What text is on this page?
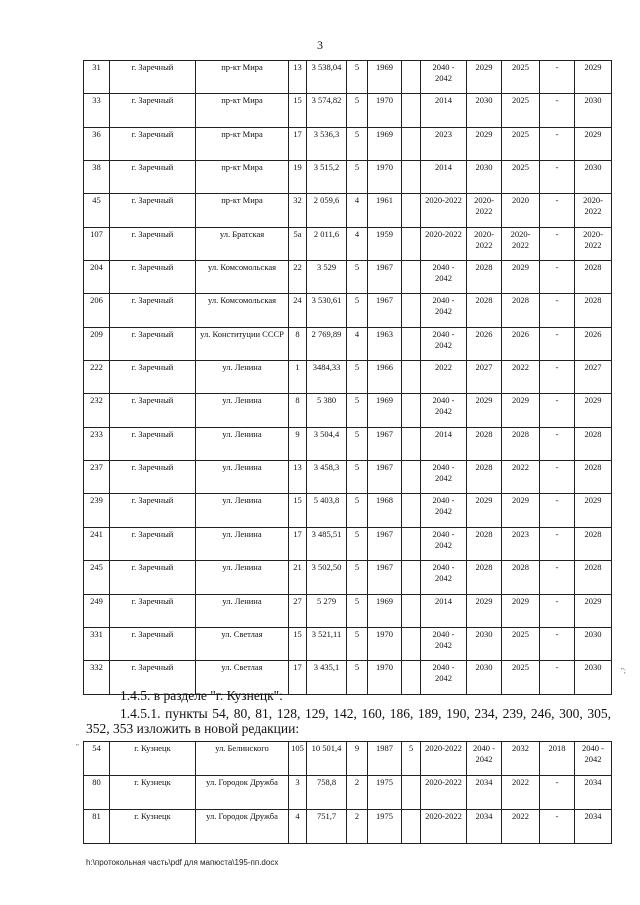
3
31	г. Заречный	пр-кт Мира	13	3 538,04	5	1969		2040 - 2042	2029	2025	-	2029
33	г. Заречный	пр-кт Мира	15	3 574,82	5	1970		2014	2030	2025	-	2030
36	г. Заречный	пр-кт Мира	17	3 536,3	5	1969		2023	2029	2025	-	2029
38	г. Заречный	пр-кт Мира	19	3 515,2	5	1970		2014	2030	2025	-	2030
45	г. Заречный	пр-кт Мира	32	2 059,6	4	1961		2020-2022	2020-2022	2020	-	2020-2022
107	г. Заречный	ул. Братская	5а	2 011,6	4	1959		2020-2022	2020-2022	2020-2022	-	2020-2022
204	г. Заречный	ул. Комсомольская	22	3 529	5	1967		2040 - 2042	2028	2029	-	2028
206	г. Заречный	ул. Комсомольская	24	3 530,61	5	1967		2040 - 2042	2028	2028	-	2028
209	г. Заречный	ул. Конституции СССР	8	2 769,89	4	1963		2040 - 2042	2026	2026	-	2026
222	г. Заречный	ул. Ленина	1	3484,33	5	1966		2022	2027	2022	-	2027
232	г. Заречный	ул. Ленина	8	5 380	5	1969		2040 - 2042	2029	2029	-	2029
233	г. Заречный	ул. Ленина	9	3 504,4	5	1967		2014	2028	2028	-	2028
237	г. Заречный	ул. Ленина	13	3 458,3	5	1967		2040 - 2042	2028	2022	-	2028
239	г. Заречный	ул. Ленина	15	5 403,8	5	1968		2040 - 2042	2029	2029	-	2029
241	г. Заречный	ул. Ленина	17	3 485,51	5	1967		2040 - 2042	2028	2023	-	2028
245	г. Заречный	ул. Ленина	21	3 502,50	5	1967		2040 - 2042	2028	2028	-	2028
249	г. Заречный	ул. Ленина	27	5 279	5	1969		2014	2029	2029	-	2029
331	г. Заречный	ул. Светлая	15	3 521,11	5	1970		2040 - 2042	2030	2025	-	2030
332	г. Заречный	ул. Светлая	17	3 435,1	5	1970		2040 - 2042	2030	2025	-	2030	";
1.4.5. в разделе "г. Кузнецк":
1.4.5.1. пункты 54, 80, 81, 128, 129, 142, 160, 186, 189, 190, 234, 239, 246, 300, 305, 352, 353 изложить в новой редакции:
" 54	г. Кузнецк	ул. Белинского	105	10 501,4	9	1987	5	2020-2022	2040 - 2042	2032	2018	2040 - 2042
80	г. Кузнецк	ул. Городок Дружба	3	758,8	2	1975		2020-2022	2034	2022	-	2034
81	г. Кузнецк	ул. Городок Дружба	4	751,7	2	1975		2020-2022	2034	2022	-	2034
h:\протокольная часть\pdf для мапюста\195-пп.docx
